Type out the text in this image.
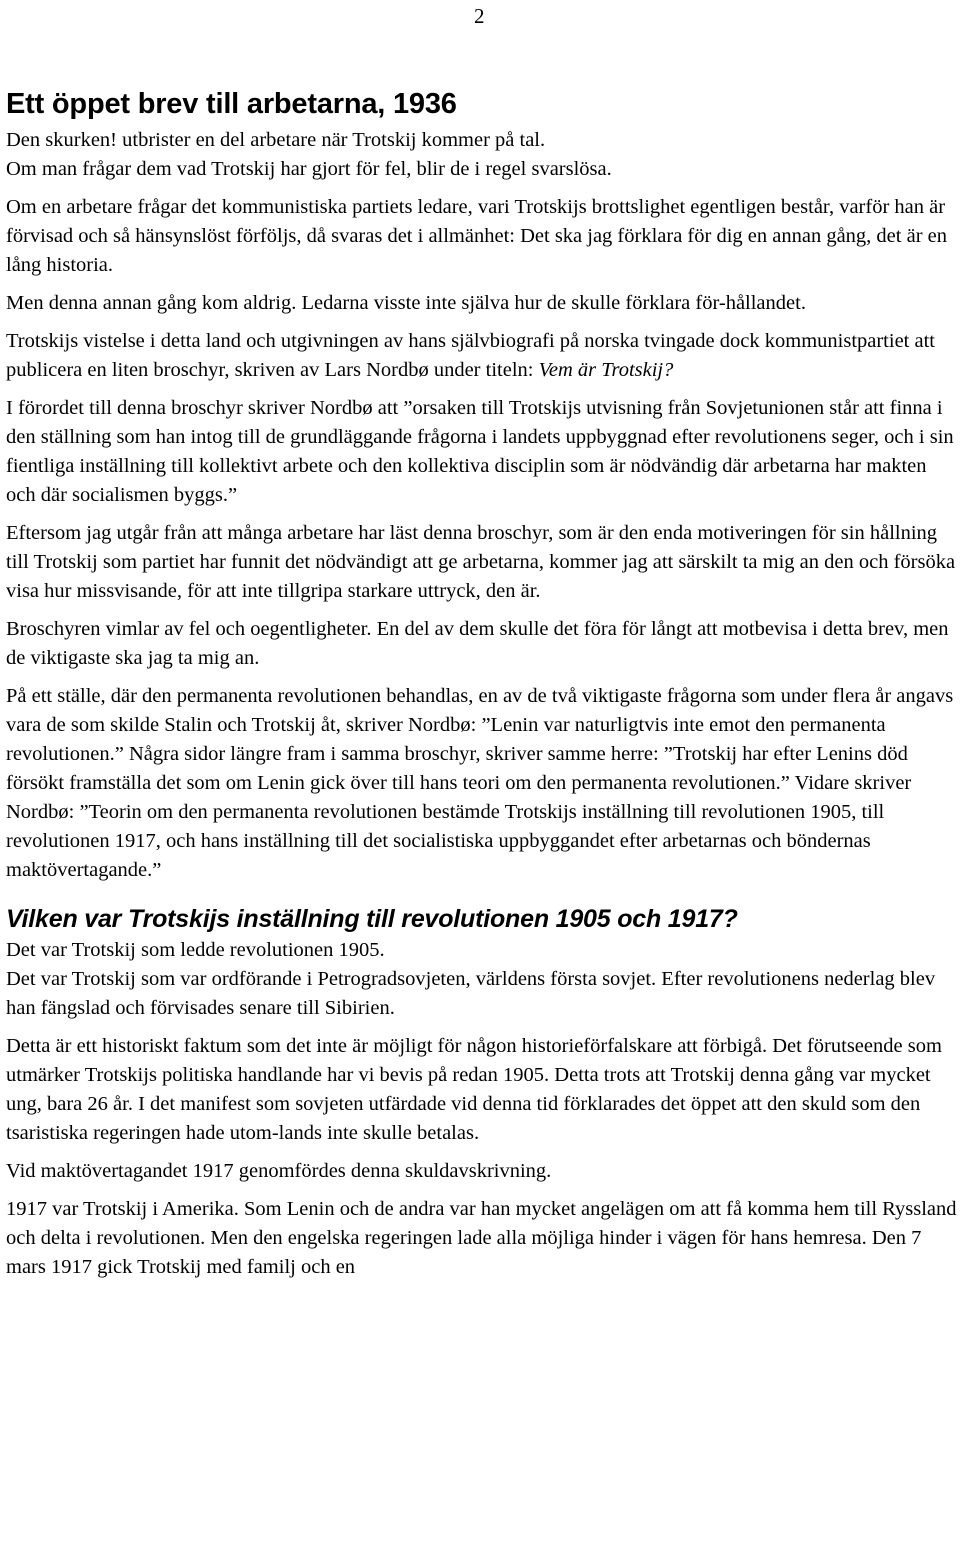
2
Ett öppet brev till arbetarna, 1936

Den skurken! utbrister en del arbetare när Trotskij kommer på tal.

Om man frågar dem vad Trotskij har gjort för fel, blir de i regel svarslösa.

Om en arbetare frågar det kommunistiska partiets ledare, vari Trotskijs brottslighet egentligen består, varför han är förvisad och så hänsynslöst förföljs, då svaras det i allmänhet: Det ska jag förklara för dig en annan gång, det är en lång historia.

Men denna annan gång kom aldrig. Ledarna visste inte själva hur de skulle förklara för-hållandet.

Trotskijs vistelse i detta land och utgivningen av hans självbiografi på norska tvingade dock kommunistpartiet att publicera en liten broschyr, skriven av Lars Nordbø under titeln: Vem är Trotskij?

I förordet till denna broschyr skriver Nordbø att ”orsaken till Trotskijs utvisning från Sovjetunionen står att finna i den ställning som han intog till de grundläggande frågorna i landets uppbyggnad efter revolutionens seger, och i sin fientliga inställning till kollektivt arbete och den kollektiva disciplin som är nödvändig där arbetarna har makten och där socialismen byggs.”

Eftersom jag utgår från att många arbetare har läst denna broschyr, som är den enda motiveringen för sin hållning till Trotskij som partiet har funnit det nödvändigt att ge arbetarna, kommer jag att särskilt ta mig an den och försöka visa hur missvisande, för att inte tillgripa starkare uttryck, den är.

Broschyren vimlar av fel och oegentligheter. En del av dem skulle det föra för långt att motbevisa i detta brev, men de viktigaste ska jag ta mig an.

På ett ställe, där den permanenta revolutionen behandlas, en av de två viktigaste frågorna som under flera år angavs vara de som skilde Stalin och Trotskij åt, skriver Nordbø: ”Lenin var naturligtvis inte emot den permanenta revolutionen.” Några sidor längre fram i samma broschyr, skriver samme herre: ”Trotskij har efter Lenins död försökt framställa det som om Lenin gick över till hans teori om den permanenta revolutionen.” Vidare skriver Nordbø: ”Teorin om den permanenta revolutionen bestämde Trotskijs inställning till revolutionen 1905, till revolutionen 1917, och hans inställning till det socialistiska uppbyggandet efter arbetarnas och böndernas maktövertagande.”

Vilken var Trotskijs inställning till revolutionen 1905 och 1917?

Det var Trotskij som ledde revolutionen 1905.

Det var Trotskij som var ordförande i Petrogradsovjeten, världens första sovjet. Efter revolutionens nederlag blev han fängslad och förvisades senare till Sibirien.

Detta är ett historiskt faktum som det inte är möjligt för någon historieförfalskare att förbigå. Det förutseende som utmärker Trotskijs politiska handlande har vi bevis på redan 1905. Detta trots att Trotskij denna gång var mycket ung, bara 26 år. I det manifest som sovjeten utfärdade vid denna tid förklarades det öppet att den skuld som den tsaristiska regeringen hade utom-lands inte skulle betalas.

Vid maktövertagandet 1917 genomfördes denna skuldavskrivning.

1917 var Trotskij i Amerika. Som Lenin och de andra var han mycket angelägen om att få komma hem till Ryssland och delta i revolutionen. Men den engelska regeringen lade alla möjliga hinder i vägen för hans hemresa. Den 7 mars 1917 gick Trotskij med familj och en
